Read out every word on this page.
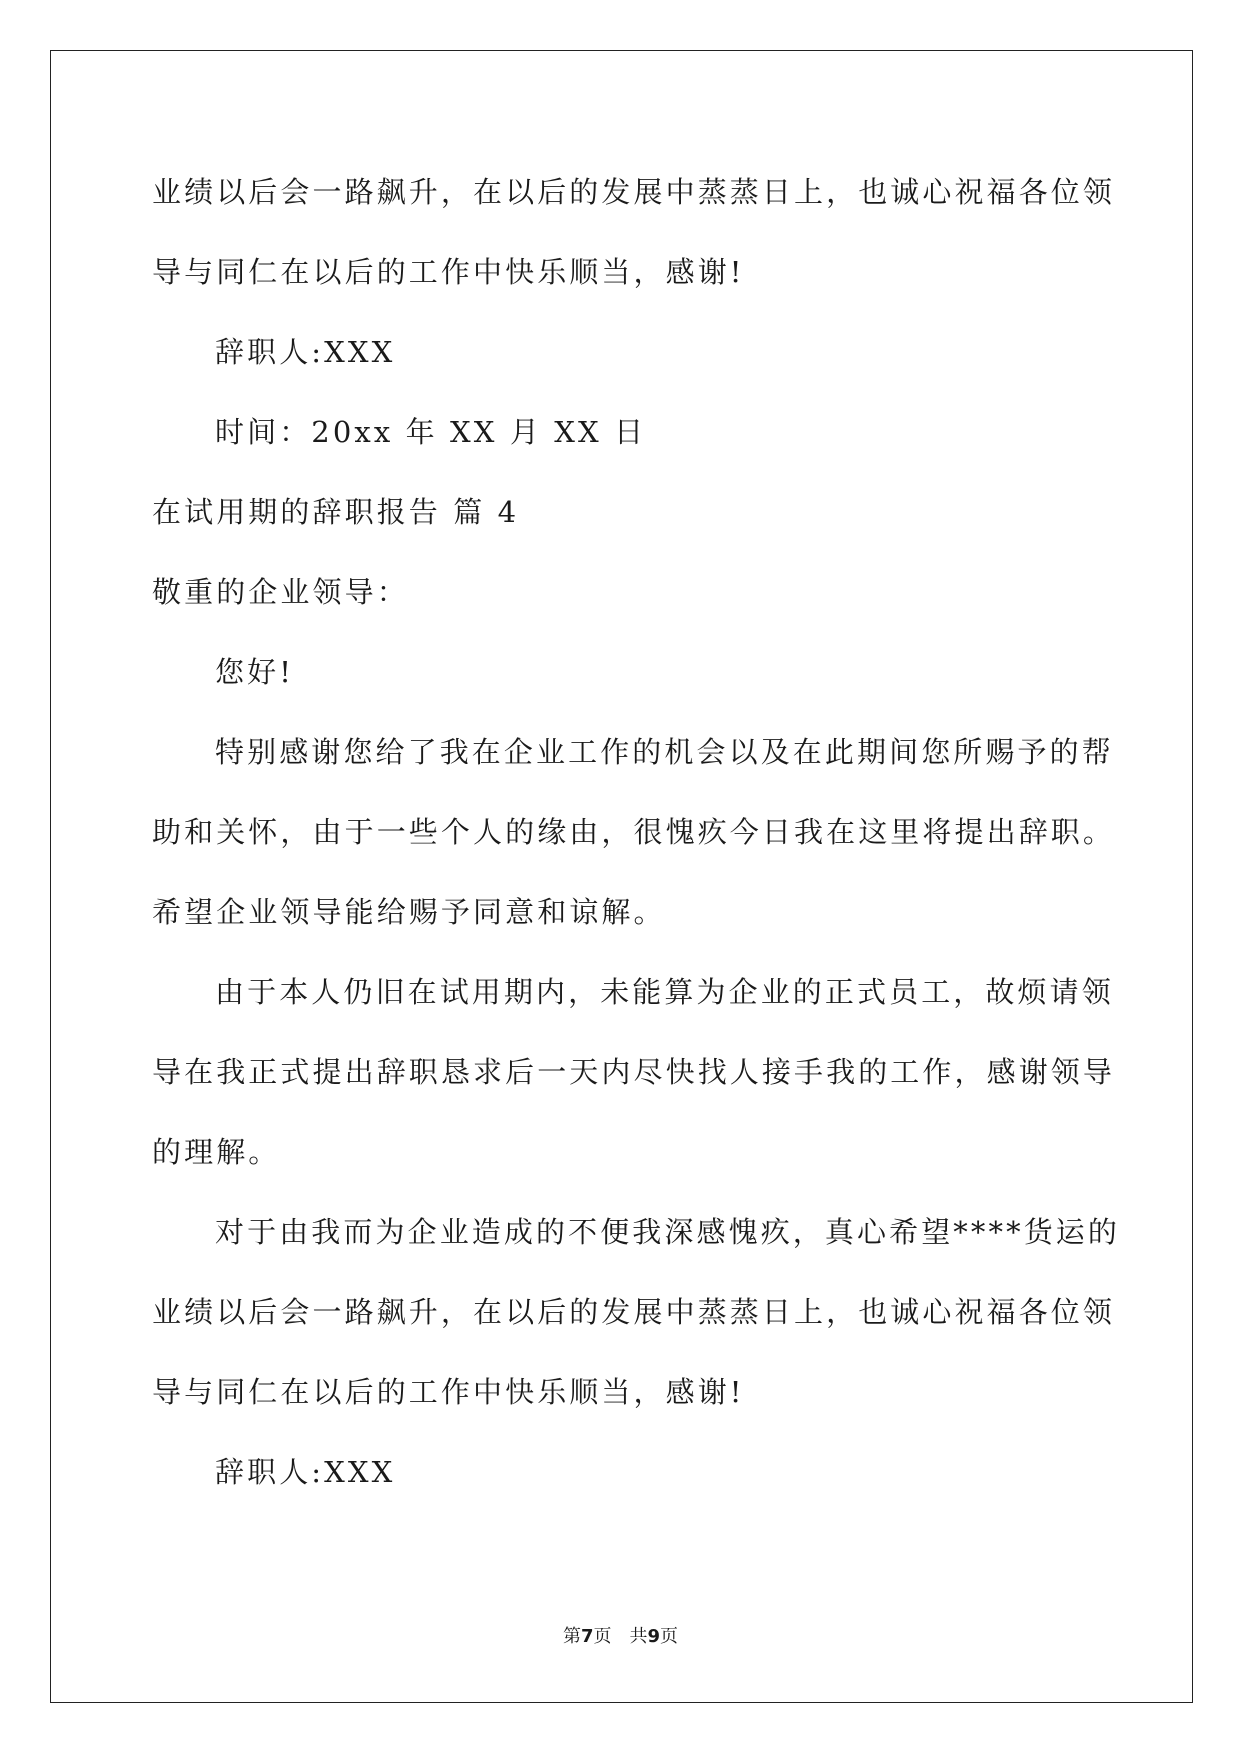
业绩以后会一路飙升，在以后的发展中蒸蒸日上，也诚心祝福各位领
导与同仁在以后的工作中快乐顺当，感谢!
辞职人:XXX
时间：20xx 年 XX 月 XX 日
在试用期的辞职报告 篇 4
敬重的企业领导：
您好!
特别感谢您给了我在企业工作的机会以及在此期间您所赐予的帮
助和关怀，由于一些个人的缘由，很愧疚今日我在这里将提出辞职。
希望企业领导能给赐予同意和谅解。
由于本人仍旧在试用期内，未能算为企业的正式员工，故烦请领
导在我正式提出辞职恳求后一天内尽快找人接手我的工作，感谢领导
的理解。
对于由我而为企业造成的不便我深感愧疚，真心希望****货运的
业绩以后会一路飙升，在以后的发展中蒸蒸日上，也诚心祝福各位领
导与同仁在以后的工作中快乐顺当，感谢!
辞职人:XXX
第7页　共9页
